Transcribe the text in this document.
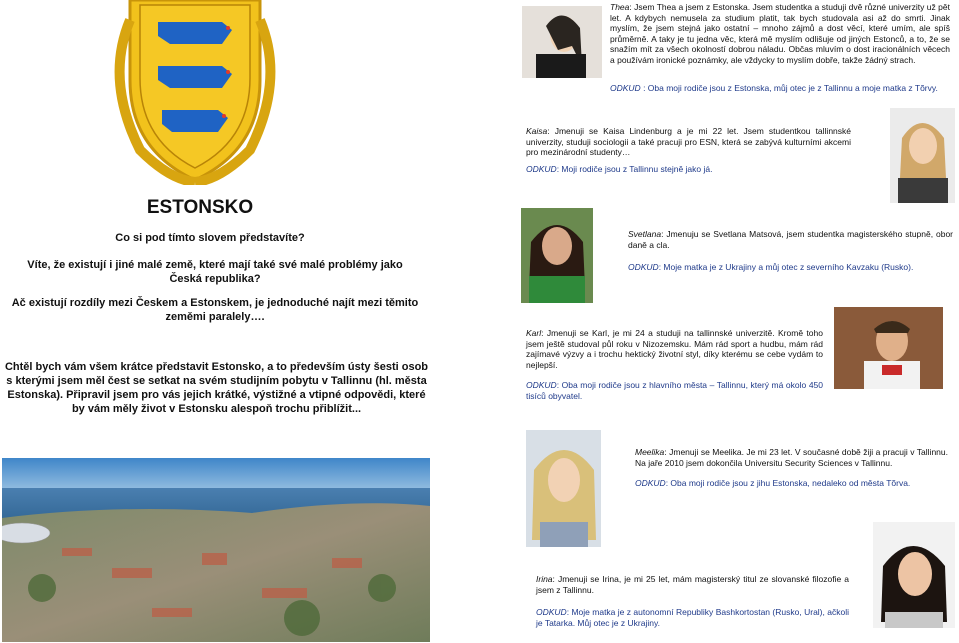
ESTONSKO
Co si pod tímto slovem představíte?
Víte, že existují i jiné malé země, které mají také své malé problémy jako Česká republika?
Ač existují rozdíly mezi Českem a Estonskem, je jednoduché najít mezi těmito zeměmi paralely….
Chtěl bych vám všem krátce představit Estonsko, a to především ústy šesti osob s kterými jsem měl čest se setkat na svém studijním pobytu v Tallinnu (hl. města Estonska). Připravil jsem pro vás jejich krátké, výstižné a vtipné odpovědi, které by vám měly život v Estonsku alespoň trochu přiblížit...

Thea: Jsem Thea a jsem z Estonska. Jsem studentka a studuji dvě různé univerzity už pět let. A kdybych nemusela za studium platit, tak bych studovala asi až do smrti. Jinak myslím, že jsem stejná jako ostatní – mnoho zájmů a dost věcí, které umím, ale spíš průměrně. A taky je tu jedna věc, která mě myslím odlišuje od jiných Estonců, a to, že se snažím mít za všech okolností dobrou náladu. Občas mluvím o dost iracionálních věcech a používám ironické poznámky, ale vždycky to myslím dobře, takže žádný strach.

ODKUD : Oba moji rodiče jsou z Estonska, můj otec je z Tallinnu a moje matka z Tõrvy.

Kaisa: Jmenuji se Kaisa Lindenburg a je mi 22 let. Jsem studentkou tallinnské univerzity, studuji sociologii a také pracuji pro ESN, která se zabývá kulturními akcemi pro mezinárodní studenty…

ODKUD: Moji rodiče jsou z Tallinnu stejně jako já.

Svetlana: Jmenuju se Svetlana Matsová, jsem studentka magisterského stupně, obor daně a cla.

ODKUD: Moje matka je z Ukrajiny a můj otec z severního Kavzaku (Rusko).

Karl: Jmenuji se Karl, je mi 24 a studuji na tallinnské univerzitě. Kromě toho jsem ještě studoval půl roku v Nizozemsku. Mám rád sport a hudbu, mám rád zajímavé výzvy a i trochu hektický životní styl, díky kterému se cebe vydám to nejlepší.

ODKUD: Oba moji rodiče jsou z hlavního města – Tallinnu, který má okolo 450 tisíců obyvatel.

Meelika: Jmenuji se Meelika. Je mi 23 let. V současné době žiji a pracuji v Tallinnu. Na jaře 2010 jsem dokončila Universitu Security Sciences v Tallinnu.

ODKUD: Oba moji rodiče jsou z jihu Estonska, nedaleko od města Tõrva.

Irina: Jmenuji se Irina, je mi 25 let, mám magisterský titul ze slovanské filozofie a jsem z Tallinnu.

ODKUD: Moje matka je z autonomní Republiky Bashkortostan (Rusko, Ural), ačkoli je Tatarka. Můj otec je z Ukrajiny.
